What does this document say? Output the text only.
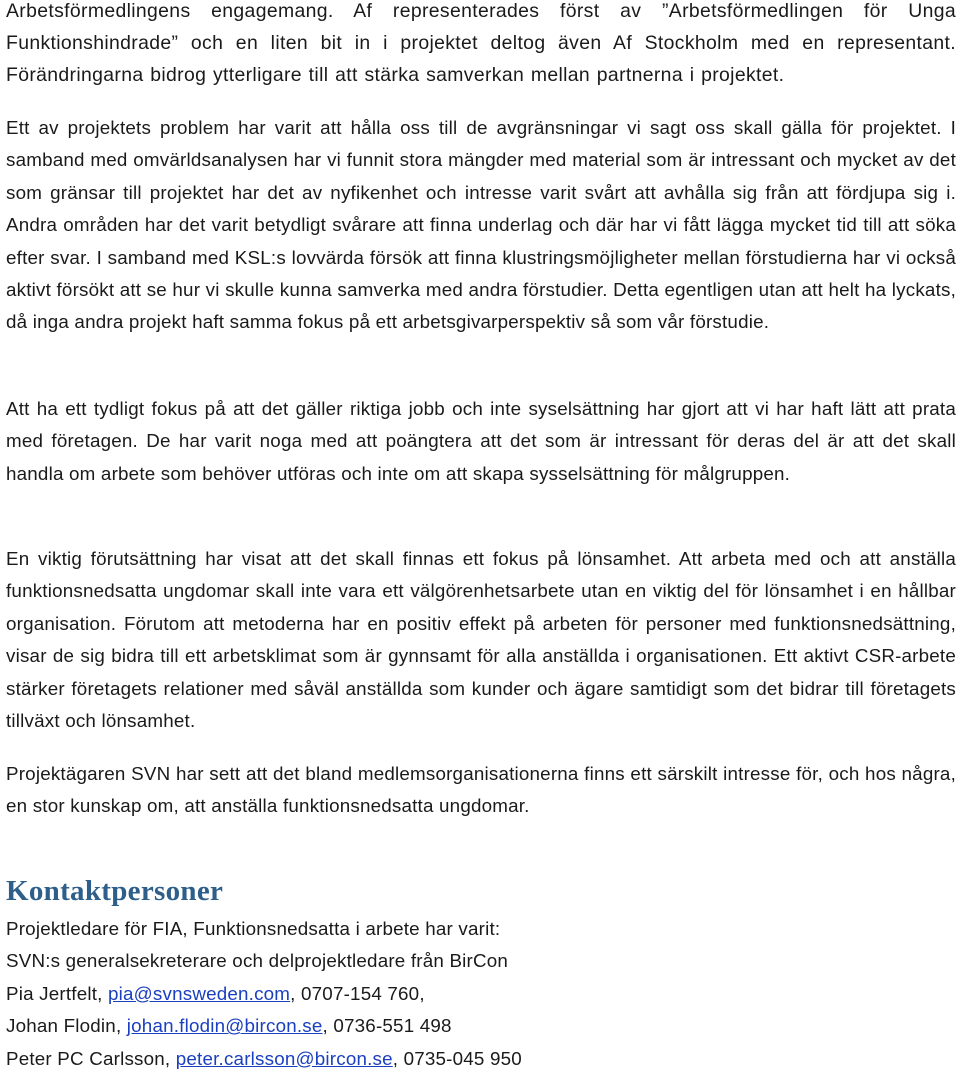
Arbetsförmedlingens engagemang. Af representerades först av ”Arbetsförmedlingen för Unga Funktionshindrade” och en liten bit in i projektet deltog även Af Stockholm med en representant. Förändringarna bidrog ytterligare till att stärka samverkan mellan partnerna i projektet.

Ett av projektets problem har varit att hålla oss till de avgränsningar vi sagt oss skall gälla för projektet. I samband med omvärldsanalysen har vi funnit stora mängder med material som är intressant och mycket av det som gränsar till projektet har det av nyfikenhet och intresse varit svårt att avhålla sig från att fördjupa sig i. Andra områden har det varit betydligt svårare att finna underlag och där har vi fått lägga mycket tid till att söka efter svar. I samband med KSL:s lovvärda försök att finna klustringsmöjligheter mellan förstudierna har vi också aktivt försökt att se hur vi skulle kunna samverka med andra förstudier. Detta egentligen utan att helt ha lyckats, då inga andra projekt haft samma fokus på ett arbetsgivarperspektiv så som vår förstudie.

Att ha ett tydligt fokus på att det gäller riktiga jobb och inte syselsättning har gjort att vi har haft lätt att prata med företagen. De har varit noga med att poängtera att det som är intressant för deras del är att det skall handla om arbete som behöver utföras och inte om att skapa sysselsättning för målgruppen.

En viktig förutsättning har visat att det skall finnas ett fokus på lönsamhet. Att arbeta med och att anställa funktionsnedsatta ungdomar skall inte vara ett välgörenhetsarbete utan en viktig del för lönsamhet i en hållbar organisation. Förutom att metoderna har en positiv effekt på arbeten för personer med funktionsnedsättning, visar de sig bidra till ett arbetsklimat som är gynnsamt för alla anställda i organisationen. Ett aktivt CSR-arbete stärker företagets relationer med såväl anställda som kunder och ägare samtidigt som det bidrar till företagets tillväxt och lönsamhet.

Projektägaren SVN har sett att det bland medlemsorganisationerna finns ett särskilt intresse för, och hos några, en stor kunskap om, att anställa funktionsnedsatta ungdomar.

Kontaktpersoner
Projektledare för FIA, Funktionsnedsatta i arbete har varit:
SVN:s generalsekreterare och delprojektledare från BirCon
Pia Jertfelt, pia@svnsweden.com, 0707-154 760,
Johan Flodin, johan.flodin@bircon.se, 0736-551 498
Peter PC Carlsson, peter.carlsson@bircon.se, 0735-045 950
